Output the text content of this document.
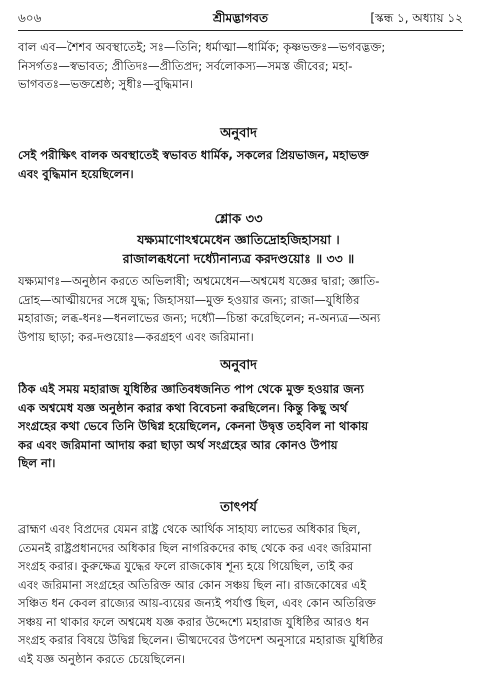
৬০৬	শ্রীমদ্ভাগবত	[স্কন্ধ ১, অধ্যায় ১২
বাল এব—শৈশব অবস্থাতেই; সঃ—তিনি; ধর্মাত্মা—ধার্মিক; কৃষ্ণভক্তঃ—ভগবদ্ভক্ত;
নিসর্গতঃ—স্বভাবত; প্রীতিদঃ—প্রীতিপ্রদ; সর্বলোকস্য—সমস্ত জীবের; মহা-
ভাগবতঃ—ভক্তশ্রেষ্ঠ; সুধীঃ—বুদ্ধিমান।
অনুবাদ
সেই পরীক্ষিৎ বালক অবস্থাতেই স্বভাবত ধার্মিক, সকলের প্রিয়ভাজন, মহাভক্ত
এবং বুদ্ধিমান হয়েছিলেন।
শ্লোক ৩৩
যক্ষ্যমাণোঽশ্বমেধেন জ্ঞাতিদ্রোহজিহাসয়া ।
রাজালব্ধধনো দধ্যৌনান্যত্র করদণ্ডয়োঃ ॥ ৩৩ ॥
যক্ষ্যমাণঃ—অনুষ্ঠান করতে অভিলাষী; অশ্বমেধেন—অশ্বমেধ যজ্ঞের দ্বারা; জ্ঞাতি-
দ্রোহ—আত্মীয়দের সঙ্গে যুদ্ধ; জিহাসয়া—মুক্ত হওয়ার জন্য; রাজা—যুধিষ্ঠির
মহারাজ; লব্ধ-ধনঃ—ধনলাভের জন্য; দধ্যৌ—চিন্তা করেছিলেন; ন-অন্যত্র—অন্য
উপায় ছাড়া; কর-দণ্ডয়োঃ—করগ্রহণ এবং জরিমানা।
অনুবাদ
ঠিক এই সময় মহারাজ যুধিষ্ঠির জ্ঞাতিবধজনিত পাপ থেকে মুক্ত হওয়ার জন্য
এক অশ্বমেধ যজ্ঞ অনুষ্ঠান করার কথা বিবেচনা করছিলেন। কিন্তু কিছু অর্থ
সংগ্রহের কথা ভেবে তিনি উদ্বিগ্ন হয়েছিলেন, কেননা উদ্বৃত্ত তহবিল না থাকায়
কর এবং জরিমানা আদায় করা ছাড়া অর্থ সংগ্রহের আর কোনও উপায়
ছিল না।
তাৎপর্য
ব্রাহ্মণ এবং বিপ্রদের যেমন রাষ্ট্র থেকে আর্থিক সাহায্য লাভের অধিকার ছিল,
তেমনই রাষ্ট্রপ্রধানদের অধিকার ছিল নাগরিকদের কাছ থেকে কর এবং জরিমানা
সংগ্রহ করার। কুরুক্ষেত্র যুদ্ধের ফলে রাজকোষ শূন্য হয়ে গিয়েছিল, তাই কর
এবং জরিমানা সংগ্রহের অতিরিক্ত আর কোন সঞ্চয় ছিল না। রাজকোষের এই
সঞ্চিত ধন কেবল রাজ্যের আয়-ব্যয়ের জন্যই পর্যাপ্ত ছিল, এবং কোন অতিরিক্ত
সঞ্চয় না থাকার ফলে অশ্বমেধ যজ্ঞ করার উদ্দেশ্যে মহারাজ যুধিষ্ঠির আরও ধন
সংগ্রহ করার বিষয়ে উদ্বিগ্ন ছিলেন। ভীষ্মদেবের উপদেশ অনুসারে মহারাজ যুধিষ্ঠির
এই যজ্ঞ অনুষ্ঠান করতে চেয়েছিলেন।
